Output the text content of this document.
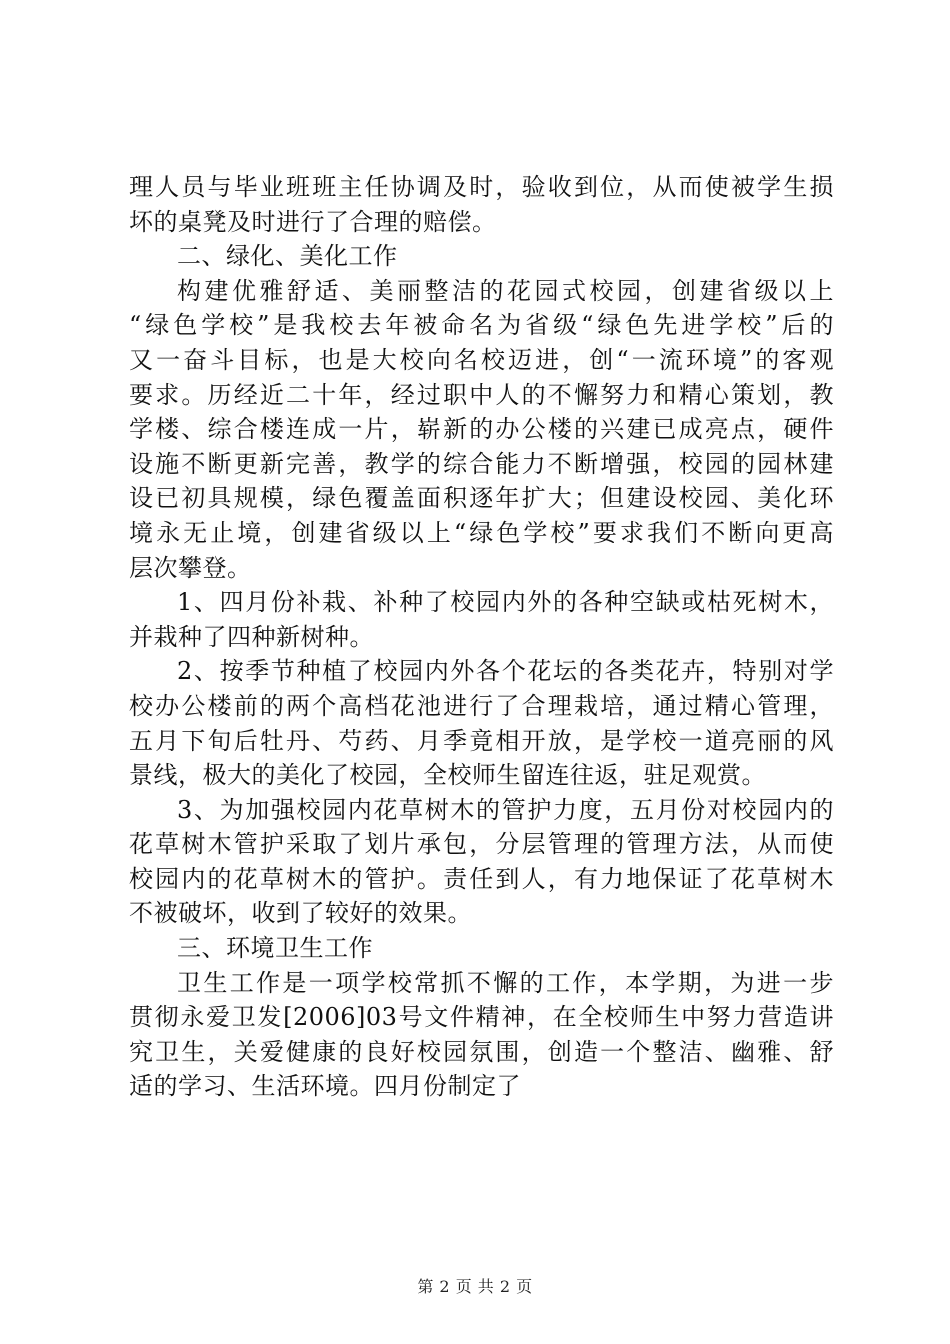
理人员与毕业班班主任协调及时，验收到位，从而使被学生损
坏的桌凳及时进行了合理的赔偿。
二、绿化、美化工作
构建优雅舒适、美丽整洁的花园式校园，创建省级以上
“绿色学校”是我校去年被命名为省级“绿色先进学校”后的
又一奋斗目标，也是大校向名校迈进，创“一流环境”的客观
要求。历经近二十年，经过职中人的不懈努力和精心策划，教
学楼、综合楼连成一片，崭新的办公楼的兴建已成亮点，硬件
设施不断更新完善，教学的综合能力不断增强，校园的园林建
设已初具规模，绿色覆盖面积逐年扩大；但建设校园、美化环
境永无止境，创建省级以上“绿色学校”要求我们不断向更高
层次攀登。
1、四月份补栽、补种了校园内外的各种空缺或枯死树木，
并栽种了四种新树种。
2、按季节种植了校园内外各个花坛的各类花卉，特别对学
校办公楼前的两个高档花池进行了合理栽培，通过精心管理，
五月下旬后牡丹、芍药、月季竟相开放，是学校一道亮丽的风
景线，极大的美化了校园，全校师生留连往返，驻足观赏。
3、为加强校园内花草树木的管护力度，五月份对校园内的
花草树木管护采取了划片承包，分层管理的管理方法，从而使
校园内的花草树木的管护。责任到人，有力地保证了花草树木
不被破坏，收到了较好的效果。
三、环境卫生工作
卫生工作是一项学校常抓不懈的工作，本学期，为进一步
贯彻永爱卫发[2006]03号文件精神，在全校师生中努力营造讲
究卫生，关爱健康的良好校园氛围，创造一个整洁、幽雅、舒
适的学习、生活环境。四月份制定了
第 2 页 共 2 页
